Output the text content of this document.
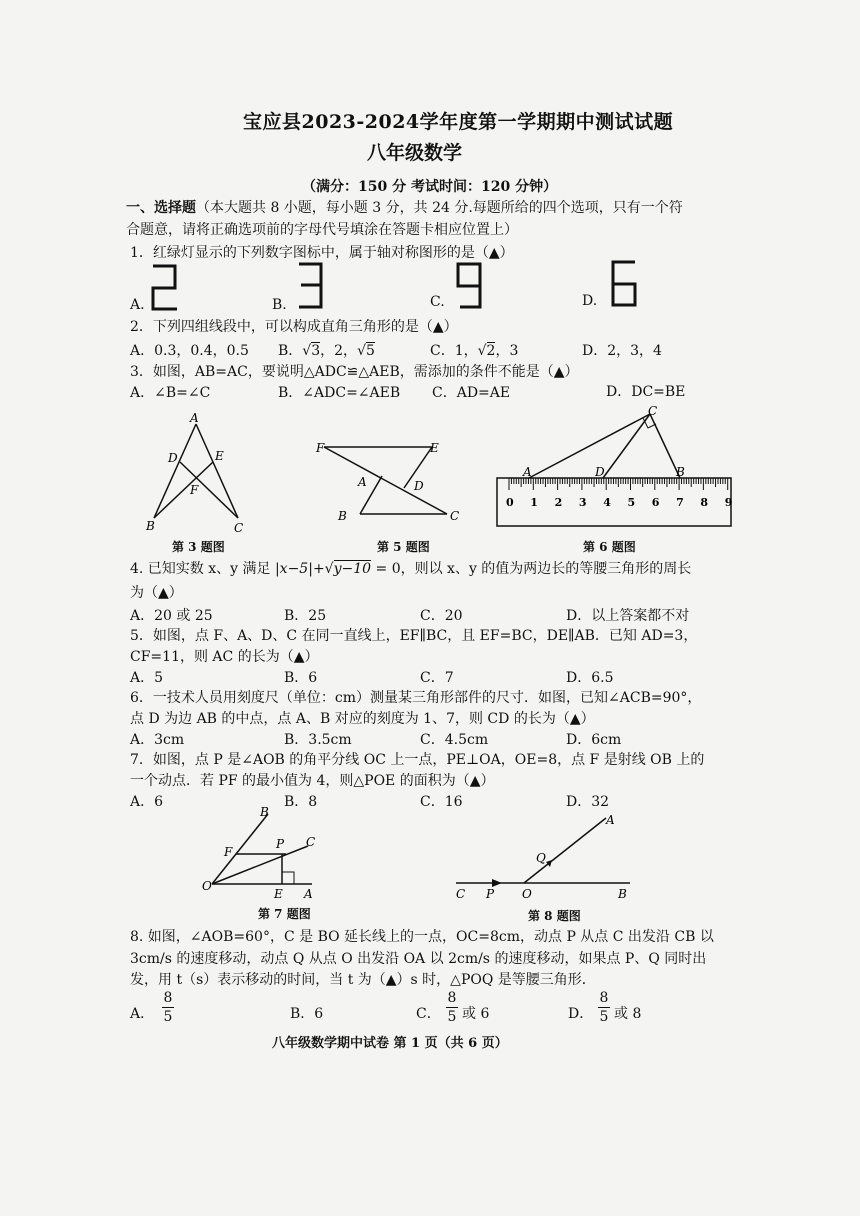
宝应县2023-2024学年度第一学期期中测试试题
八年级数学
（满分：150 分 考试时间：120 分钟）
一、选择题（本大题共 8 小题，每小题 3 分，共 24 分.每题所给的四个选项，只有一个符
合题意，请将正确选项前的字母代号填涂在答题卡相应位置上）
1．红绿灯显示的下列数字图标中，属于轴对称图形的是（▲）
A.	B.	C.	D.
2．下列四组线段中，可以构成直角三角形的是（▲）
A．0.3，0.4，0.5 B．√3，2，√5	C．1，√2，3	D．2，3，4
3．如图，AB=AC，要说明△ADC≌△AEB，需添加的条件不能是（▲）
A．∠B=∠C	B．∠ADC=∠AEB C．AD=AE	D．DC=BE
A
D	E
F
B	C
第 3 题图
F	E
A	D
B	C
第 5 题图
C
A	D	B
0 1 2 3 4 5 6 7 8 9
第 6 题图
4. 已知实数 x、y 满足 |x−5|+√y−10 = 0，则以 x、y 的值为两边长的等腰三角形的周长
为（▲）
A．20 或 25	B．25	C．20	D．以上答案都不对
5．如图，点 F、A、D、C 在同一直线上，EF∥BC，且 EF=BC，DE∥AB．已知 AD=3，
CF=11，则 AC 的长为（▲）
A．5	B．6	C．7	D．6.5
6．一技术人员用刻度尺（单位：cm）测量某三角形部件的尺寸．如图，已知∠ACB=90°，
点 D 为边 AB 的中点，点 A、B 对应的刻度为 1、7，则 CD 的长为（▲）
A．3cm	B．3.5cm	C．4.5cm	D．6cm
7．如图，点 P 是∠AOB 的角平分线 OC 上一点，PE⊥OA，OE=8，点 F 是射线 OB 上的
一个动点．若 PF 的最小值为 4，则△POE 的面积为（▲）
A．6	B．8	C．16	D．32
B
F
P C
O
E A
第 7 题图
A
Q
C P O	B
第 8 题图
8. 如图，∠AOB=60°，C 是 BO 延长线上的一点，OC=8cm，动点 P 从点 C 出发沿 CB 以
3cm/s 的速度移动，动点 Q 从点 O 出发沿 OA 以 2cm/s 的速度移动，如果点 P、Q 同时出
发，用 t（s）表示移动的时间，当 t 为（▲）s 时，△POQ 是等腰三角形．
A．
8
5	B．6	C．
8
5 或 6	D．
8
5 或 8
八年级数学期中试卷 第 1 页（共 6 页）
